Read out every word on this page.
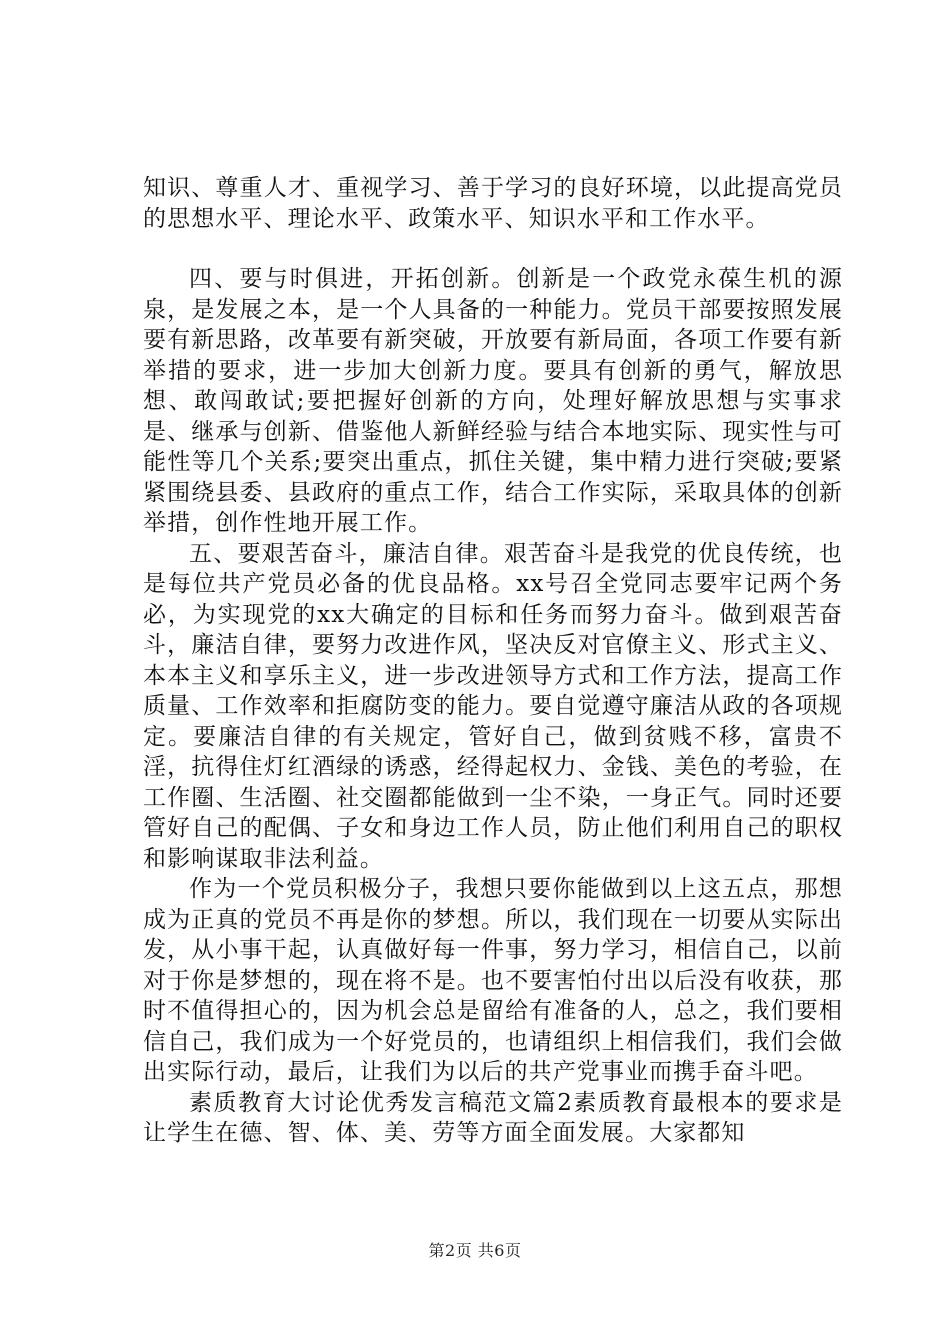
知识、尊重人才、重视学习、善于学习的良好环境，以此提高党员的思想水平、理论水平、政策水平、知识水平和工作水平。

四、要与时俱进，开拓创新。创新是一个政党永葆生机的源泉，是发展之本，是一个人具备的一种能力。党员干部要按照发展要有新思路，改革要有新突破，开放要有新局面，各项工作要有新举措的要求，进一步加大创新力度。要具有创新的勇气，解放思想、敢闯敢试;要把握好创新的方向，处理好解放思想与实事求是、继承与创新、借鉴他人新鲜经验与结合本地实际、现实性与可能性等几个关系;要突出重点，抓住关键，集中精力进行突破;要紧紧围绕县委、县政府的重点工作，结合工作实际，采取具体的创新举措，创作性地开展工作。

五、要艰苦奋斗，廉洁自律。艰苦奋斗是我党的优良传统，也是每位共产党员必备的优良品格。xx号召全党同志要牢记两个务必，为实现党的xx大确定的目标和任务而努力奋斗。做到艰苦奋斗，廉洁自律，要努力改进作风，坚决反对官僚主义、形式主义、本本主义和享乐主义，进一步改进领导方式和工作方法，提高工作质量、工作效率和拒腐防变的能力。要自觉遵守廉洁从政的各项规定。要廉洁自律的有关规定，管好自己，做到贫贱不移，富贵不淫，抗得住灯红酒绿的诱惑，经得起权力、金钱、美色的考验，在工作圈、生活圈、社交圈都能做到一尘不染，一身正气。同时还要管好自己的配偶、子女和身边工作人员，防止他们利用自己的职权和影响谋取非法利益。

作为一个党员积极分子，我想只要你能做到以上这五点，那想成为正真的党员不再是你的梦想。所以，我们现在一切要从实际出发，从小事干起，认真做好每一件事，努力学习，相信自己，以前对于你是梦想的，现在将不是。也不要害怕付出以后没有收获，那时不值得担心的，因为机会总是留给有准备的人，总之，我们要相信自己，我们成为一个好党员的，也请组织上相信我们，我们会做出实际行动，最后，让我们为以后的共产党事业而携手奋斗吧。

素质教育大讨论优秀发言稿范文篇2素质教育最根本的要求是让学生在德、智、体、美、劳等方面全面发展。大家都知

第2页 共6页
